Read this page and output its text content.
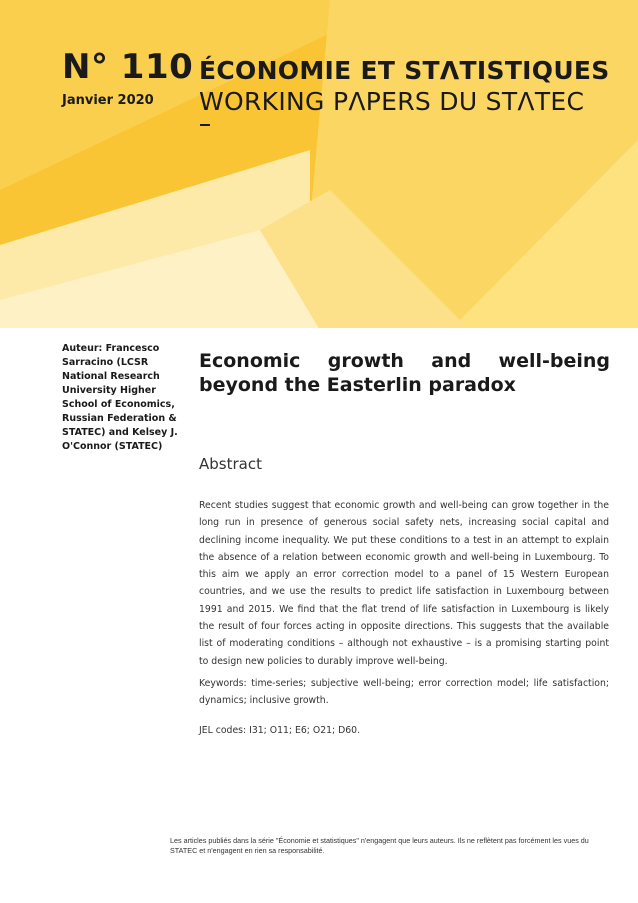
N° 110

Janvier 2020

ÉCONOMIE ET STΛTISTIQUES

WORKING PΛPERS DU STΛTEC

Auteur: Francesco Sarracino (LCSR National Research University Higher School of Economics, Russian Federation & STATEC) and Kelsey J. O'Connor (STATEC)

Economic growth and well-being beyond the Easterlin paradox
Abstract

Recent studies suggest that economic growth and well-being can grow together in the long run in presence of generous social safety nets, increasing social capital and declining income inequality. We put these conditions to a test in an attempt to explain the absence of a relation between economic growth and well-being in Luxembourg. To this aim we apply an error correction model to a panel of 15 Western European countries, and we use the results to predict life satisfaction in Luxembourg between 1991 and 2015. We find that the flat trend of life satisfaction in Luxembourg is likely the result of four forces acting in opposite directions. This suggests that the available list of moderating conditions – although not exhaustive – is a promising starting point to design new policies to durably improve well-being.

Keywords: time-series; subjective well-being; error correction model; life satisfaction; dynamics; inclusive growth.

JEL codes: I31; O11; E6; O21; D60.

Les articles publiés dans la série "Économie et statistiques" n'engagent que leurs auteurs. Ils ne reflètent pas forcément les vues du STATEC et n'engagent en rien sa responsabilité.
